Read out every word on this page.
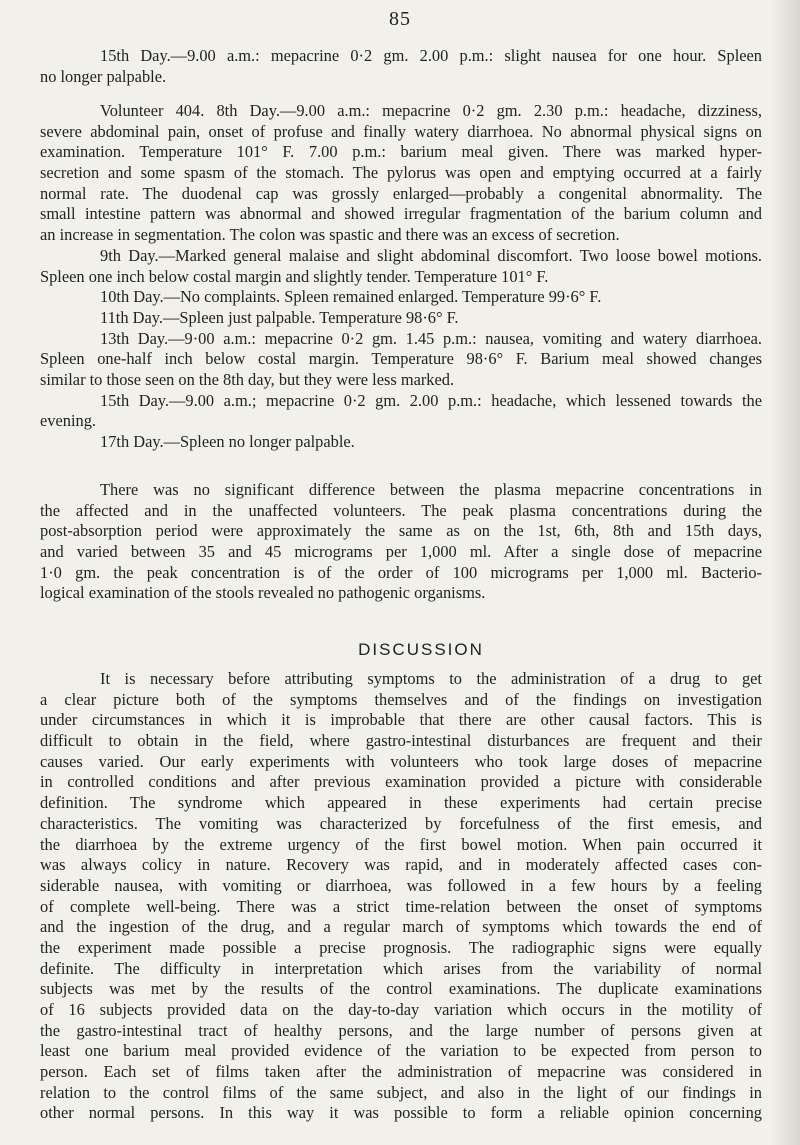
85
15th Day.—9.00 a.m.: mepacrine 0·2 gm. 2.00 p.m.: slight nausea for one hour. Spleen
no longer palpable.
Volunteer 404. 8th Day.—9.00 a.m.: mepacrine 0·2 gm. 2.30 p.m.: headache, dizziness,
severe abdominal pain, onset of profuse and finally watery diarrhoea. No abnormal physical signs on
examination. Temperature 101° F. 7.00 p.m.: barium meal given. There was marked hyper-
secretion and some spasm of the stomach. The pylorus was open and emptying occurred at a fairly
normal rate. The duodenal cap was grossly enlarged—probably a congenital abnormality. The
small intestine pattern was abnormal and showed irregular fragmentation of the barium column and
an increase in segmentation. The colon was spastic and there was an excess of secretion.
9th Day.—Marked general malaise and slight abdominal discomfort. Two loose bowel motions.
Spleen one inch below costal margin and slightly tender. Temperature 101° F.
10th Day.—No complaints. Spleen remained enlarged. Temperature 99·6° F.
11th Day.—Spleen just palpable. Temperature 98·6° F.
13th Day.—9·00 a.m.: mepacrine 0·2 gm. 1.45 p.m.: nausea, vomiting and watery diarrhoea.
Spleen one-half inch below costal margin. Temperature 98·6° F. Barium meal showed changes
similar to those seen on the 8th day, but they were less marked.
15th Day.—9.00 a.m.; mepacrine 0·2 gm. 2.00 p.m.: headache, which lessened towards the
evening.
17th Day.—Spleen no longer palpable.
There was no significant difference between the plasma mepacrine concentrations in
the affected and in the unaffected volunteers. The peak plasma concentrations during the
post-absorption period were approximately the same as on the 1st, 6th, 8th and 15th days,
and varied between 35 and 45 micrograms per 1,000 ml. After a single dose of mepacrine
1·0 gm. the peak concentration is of the order of 100 micrograms per 1,000 ml. Bacterio-
logical examination of the stools revealed no pathogenic organisms.
DISCUSSION
It is necessary before attributing symptoms to the administration of a drug to get
a clear picture both of the symptoms themselves and of the findings on investigation
under circumstances in which it is improbable that there are other causal factors. This is
difficult to obtain in the field, where gastro-intestinal disturbances are frequent and their
causes varied. Our early experiments with volunteers who took large doses of mepacrine
in controlled conditions and after previous examination provided a picture with considerable
definition. The syndrome which appeared in these experiments had certain precise
characteristics. The vomiting was characterized by forcefulness of the first emesis, and
the diarrhoea by the extreme urgency of the first bowel motion. When pain occurred it
was always colicy in nature. Recovery was rapid, and in moderately affected cases con-
siderable nausea, with vomiting or diarrhoea, was followed in a few hours by a feeling
of complete well-being. There was a strict time-relation between the onset of symptoms
and the ingestion of the drug, and a regular march of symptoms which towards the end of
the experiment made possible a precise prognosis. The radiographic signs were equally
definite. The difficulty in interpretation which arises from the variability of normal
subjects was met by the results of the control examinations. The duplicate examinations
of 16 subjects provided data on the day-to-day variation which occurs in the motility of
the gastro-intestinal tract of healthy persons, and the large number of persons given at
least one barium meal provided evidence of the variation to be expected from person to
person. Each set of films taken after the administration of mepacrine was considered in
relation to the control films of the same subject, and also in the light of our findings in
other normal persons. In this way it was possible to form a reliable opinion concerning
